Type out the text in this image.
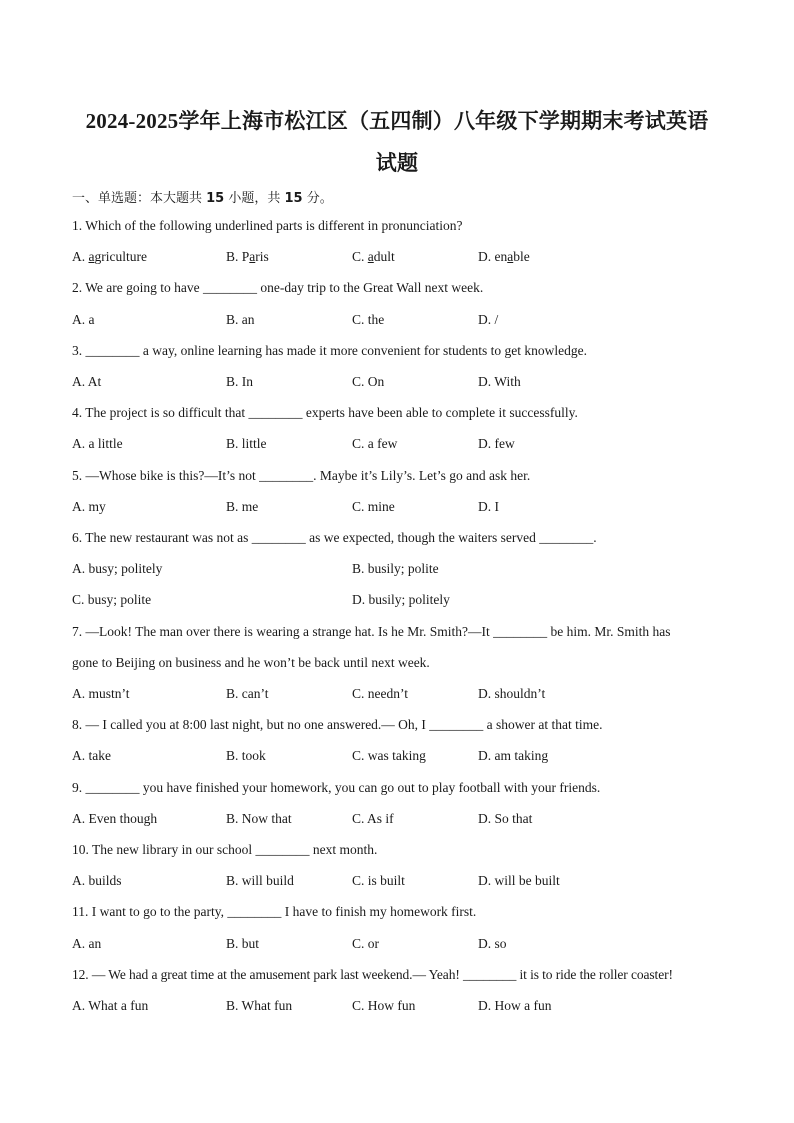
2024-2025学年上海市松江区（五四制）八年级下学期期末考试英语
试题
一、单选题：本大题共 15 小题，共 15 分。
1. Which of the following underlined parts is different in pronunciation?
A. agriculture	B. Paris	C. adult	D. enable
2. We are going to have ________ one-day trip to the Great Wall next week.
A. a	B. an	C. the	D. /
3. ________ a way, online learning has made it more convenient for students to get knowledge.
A. At	B. In	C. On	D. With
4. The project is so difficult that ________ experts have been able to complete it successfully.
A. a little	B. little	C. a few	D. few
5. —Whose bike is this?—It’s not ________. Maybe it’s Lily’s. Let’s go and ask her.
A. my	B. me	C. mine	D. I
6. The new restaurant was not as ________ as we expected, though the waiters served ________.
A. busy; politely	B. busily; polite
C. busy; polite	D. busily; politely
7. —Look! The man over there is wearing a strange hat. Is he Mr. Smith?—It ________ be him. Mr. Smith has
gone to Beijing on business and he won’t be back until next week.
A. mustn’t	B. can’t	C. needn’t	D. shouldn’t
8. — I called you at 8:00 last night, but no one answered.— Oh, I ________ a shower at that time.
A. take	B. took	C. was taking	D. am taking
9. ________ you have finished your homework, you can go out to play football with your friends.
A. Even though	B. Now that	C. As if	D. So that
10. The new library in our school ________ next month.
A. builds	B. will build	C. is built	D. will be built
11. I want to go to the party, ________ I have to finish my homework first.
A. an	B. but	C. or	D. so
12. — We had a great time at the amusement park last weekend.— Yeah! ________ it is to ride the roller coaster!
A. What a fun	B. What fun	C. How fun	D. How a fun
